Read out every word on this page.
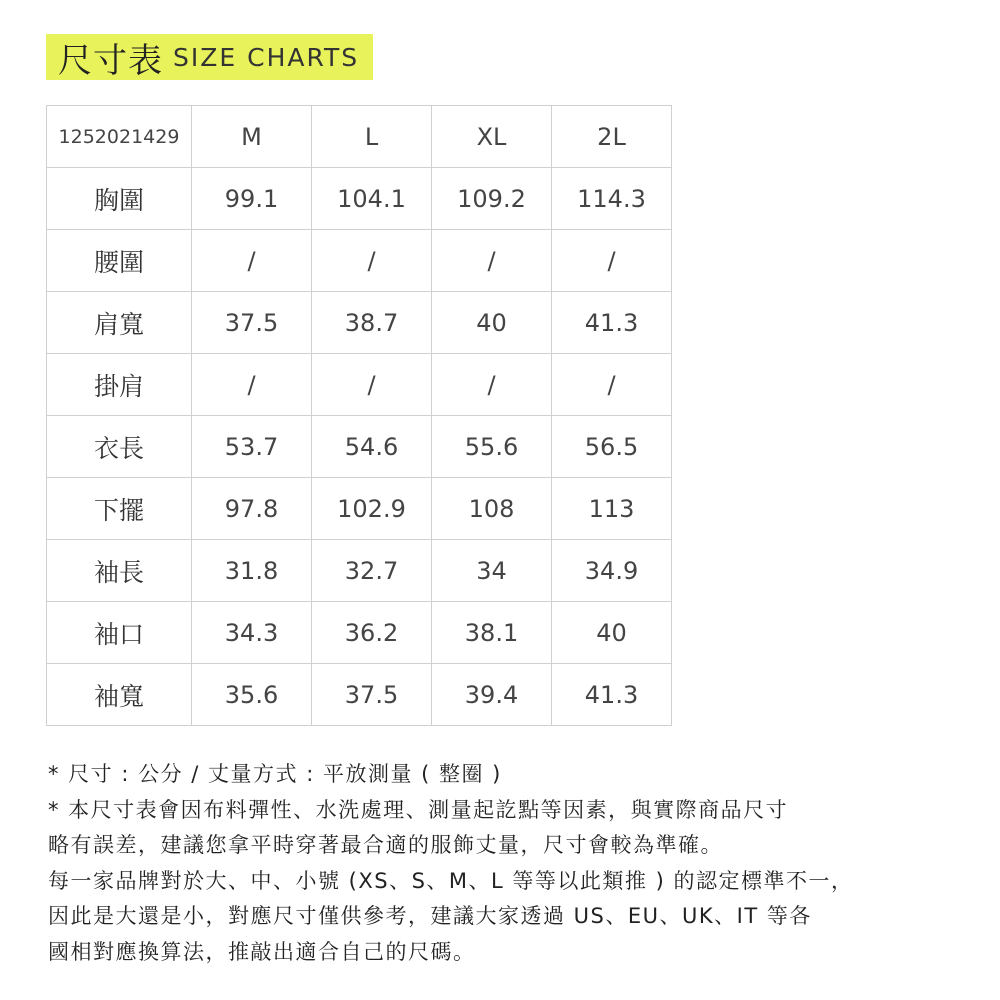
尺寸表 SIZE CHARTS
1252021429	M	L	XL	2L
胸圍	99.1	104.1	109.2	114.3
腰圍	/	/	/	/
肩寬	37.5	38.7	40	41.3
掛肩	/	/	/	/
衣長	53.7	54.6	55.6	56.5
下擺	97.8	102.9	108	113
袖長	31.8	32.7	34	34.9
袖口	34.3	36.2	38.1	40
袖寬	35.6	37.5	39.4	41.3

* 尺寸 : 公分 / 丈量方式 : 平放測量 ( 整圈 )

* 本尺寸表會因布料彈性、水洗處理、測量起訖點等因素，與實際商品尺寸

略有誤差，建議您拿平時穿著最合適的服飾丈量，尺寸會較為準確。

每一家品牌對於大、中、小號 (XS、S、M、L 等等以此類推 ) 的認定標準不一，

因此是大還是小，對應尺寸僅供參考，建議大家透過 US、EU、UK、IT 等各

國相對應換算法，推敲出適合自己的尺碼。
